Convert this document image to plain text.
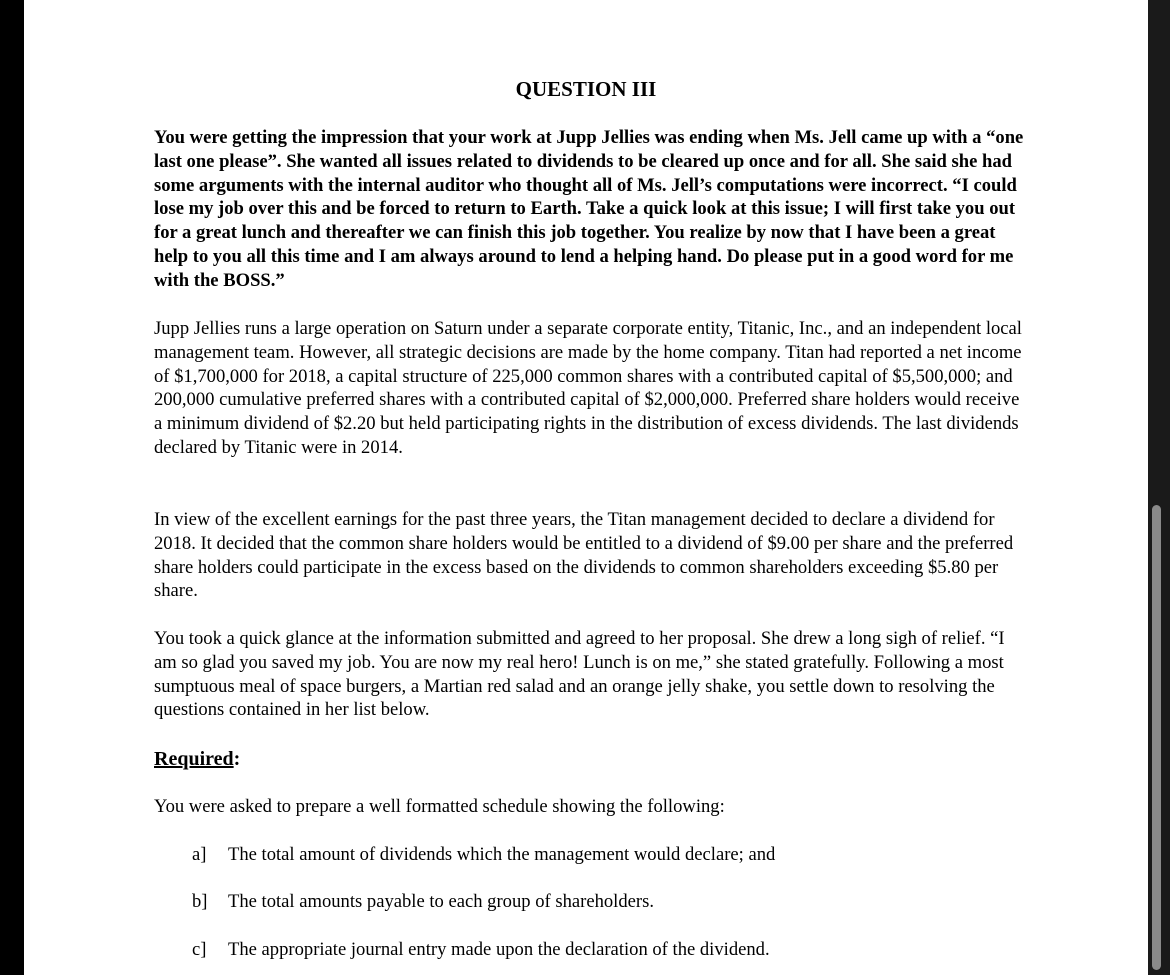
QUESTION III

You were getting the impression that your work at Jupp Jellies was ending when Ms. Jell came up with a “one last one please”. She wanted all issues related to dividends to be cleared up once and for all. She said she had some arguments with the internal auditor who thought all of Ms. Jell’s computations were incorrect. “I could lose my job over this and be forced to return to Earth. Take a quick look at this issue; I will first take you out for a great lunch and thereafter we can finish this job together. You realize by now that I have been a great help to you all this time and I am always around to lend a helping hand. Do please put in a good word for me with the BOSS.”

Jupp Jellies runs a large operation on Saturn under a separate corporate entity, Titanic, Inc., and an independent local management team. However, all strategic decisions are made by the home company. Titan had reported a net income of $1,700,000 for 2018, a capital structure of 225,000 common shares with a contributed capital of $5,500,000; and 200,000 cumulative preferred shares with a contributed capital of $2,000,000. Preferred share holders would receive a minimum dividend of $2.20 but held participating rights in the distribution of excess dividends. The last dividends declared by Titanic were in 2014.

In view of the excellent earnings for the past three years, the Titan management decided to declare a dividend for 2018. It decided that the common share holders would be entitled to a dividend of $9.00 per share and the preferred share holders could participate in the excess based on the dividends to common shareholders exceeding $5.80 per share.

You took a quick glance at the information submitted and agreed to her proposal. She drew a long sigh of relief. “I am so glad you saved my job. You are now my real hero! Lunch is on me,” she stated gratefully. Following a most sumptuous meal of space burgers, a Martian red salad and an orange jelly shake, you settle down to resolving the questions contained in her list below.

Required:
You were asked to prepare a well formatted schedule showing the following:
a] The total amount of dividends which the management would declare; and
b] The total amounts payable to each group of shareholders.
c] The appropriate journal entry made upon the declaration of the dividend.
